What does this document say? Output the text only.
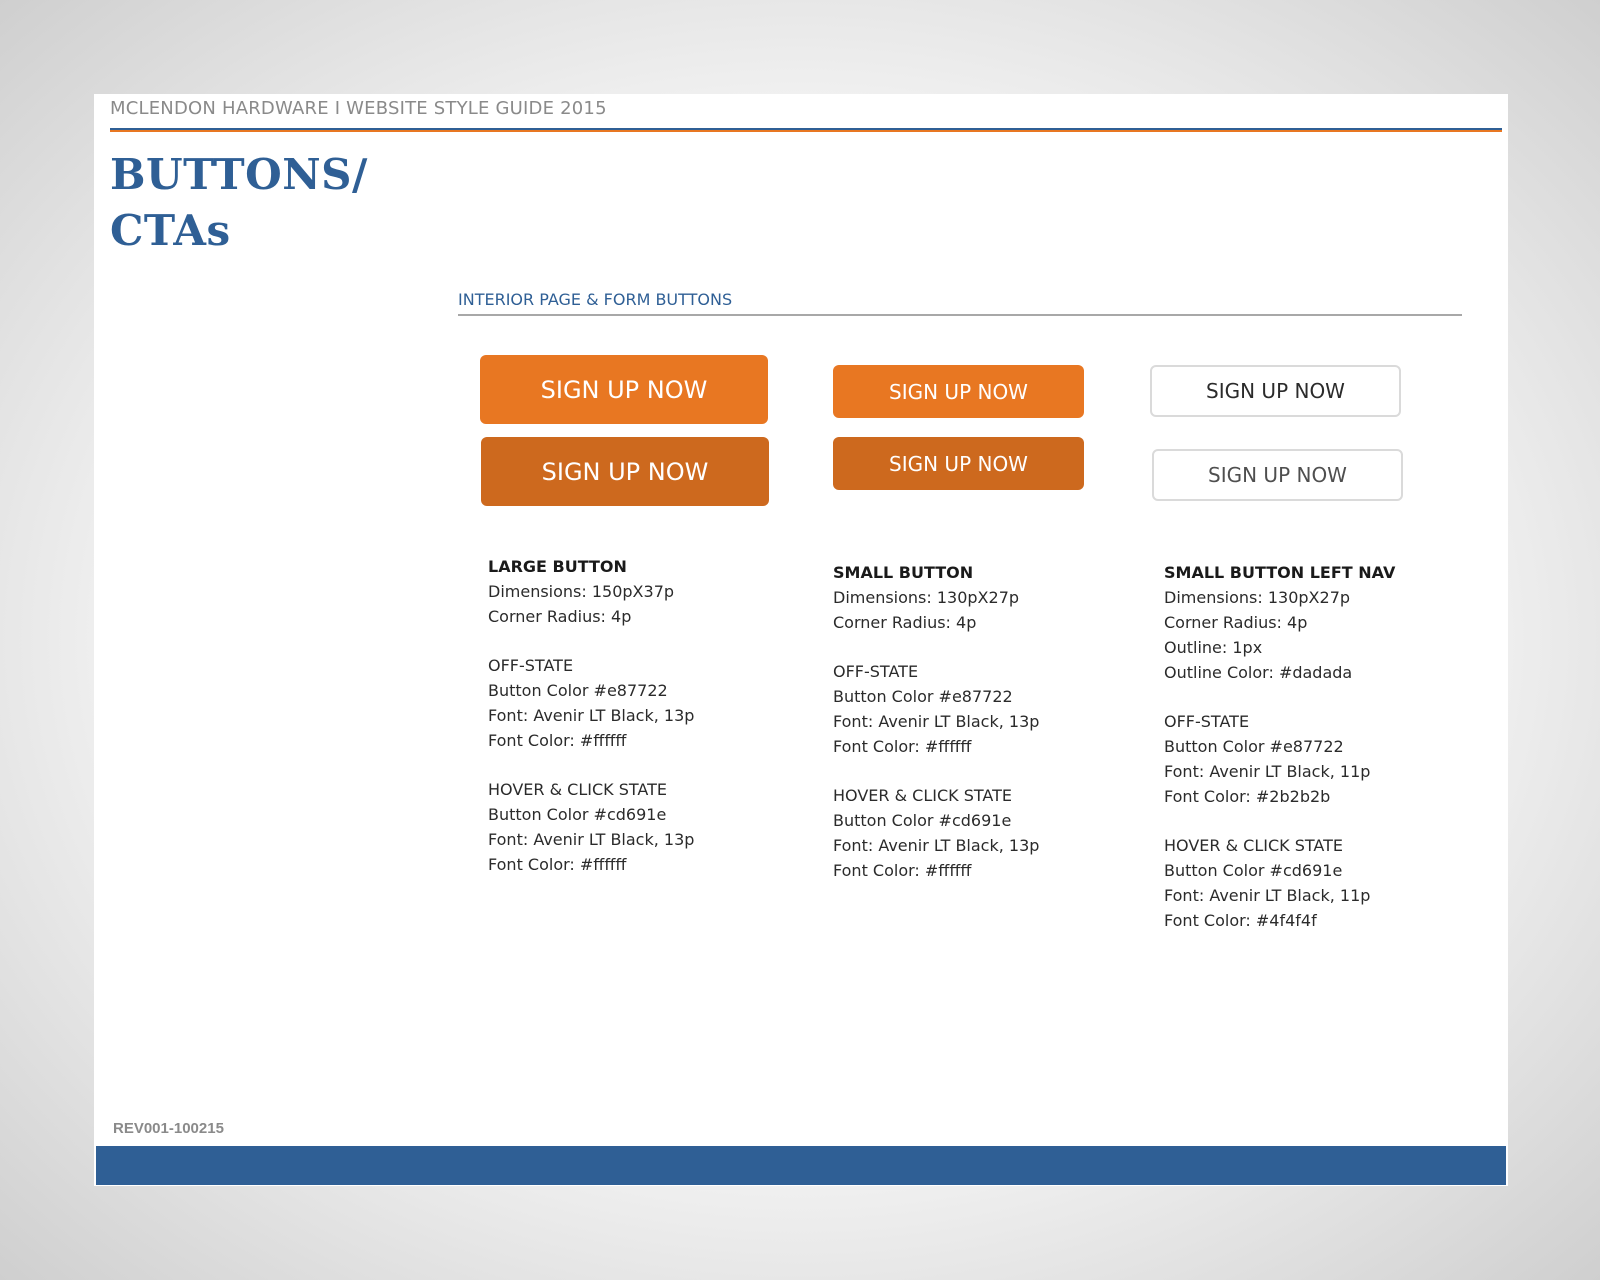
MCLENDON HARDWARE I WEBSITE STYLE GUIDE 2015
BUTTONS/
CTAs
INTERIOR PAGE & FORM BUTTONS
SIGN UP NOW
SIGN UP NOW
SIGN UP NOW
SIGN UP NOW
SIGN UP NOW
SIGN UP NOW
LARGE BUTTON
Dimensions: 150pX37p
Corner Radius: 4p
OFF-STATE
Button Color #e87722
Font: Avenir LT Black, 13p
Font Color: #ffffff
HOVER & CLICK STATE
Button Color #cd691e
Font: Avenir LT Black, 13p
Font Color: #ffffff
SMALL BUTTON
Dimensions: 130pX27p
Corner Radius: 4p
OFF-STATE
Button Color #e87722
Font: Avenir LT Black, 13p
Font Color: #ffffff
HOVER & CLICK STATE
Button Color #cd691e
Font: Avenir LT Black, 13p
Font Color: #ffffff
SMALL BUTTON LEFT NAV
Dimensions: 130pX27p
Corner Radius: 4p
Outline: 1px
Outline Color: #dadada
OFF-STATE
Button Color #e87722
Font: Avenir LT Black, 11p
Font Color: #2b2b2b
HOVER & CLICK STATE
Button Color #cd691e
Font: Avenir LT Black, 11p
Font Color: #4f4f4f
REV001-100215
